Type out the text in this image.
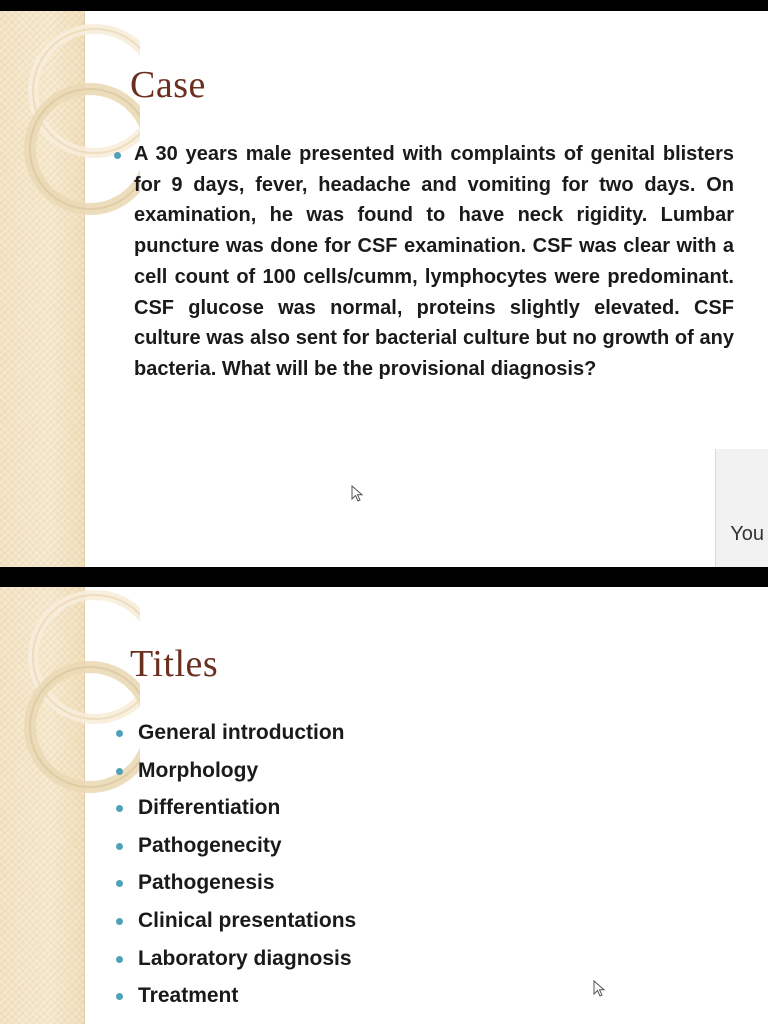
Case

A 30 years male presented with complaints of genital blisters for 9 days, fever, headache and vomiting for two days. On examination, he was found to have neck rigidity. Lumbar puncture was done for CSF examination. CSF was clear with a cell count of 100 cells/cumm, lymphocytes were predominant. CSF glucose was normal, proteins slightly elevated. CSF culture was also sent for bacterial culture but no growth of any bacteria. What will be the provisional diagnosis?

You
Titles
General introduction
Morphology
Differentiation
Pathogenecity
Pathogenesis
Clinical presentations
Laboratory diagnosis
Treatment
